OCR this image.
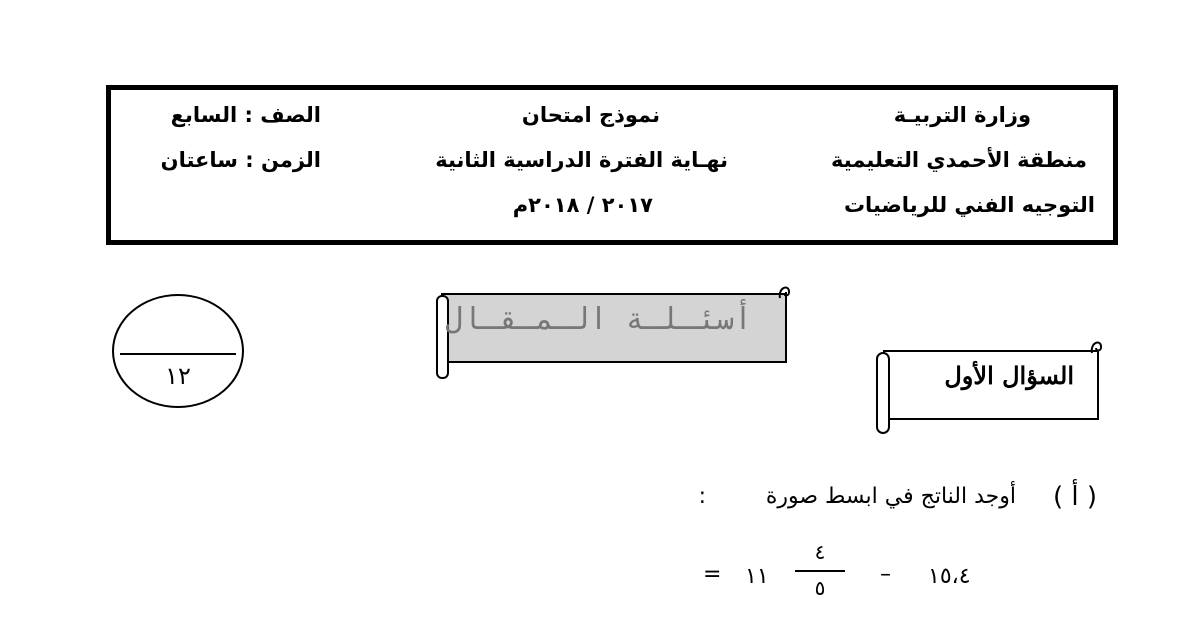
وزارة التربيـة
منطقة الأحمدي التعليمية
التوجيه الفني للرياضيات
نموذج امتحان
نهـاية الفترة الدراسية الثانية
٢٠١٧ / ٢٠١٨م
الصف : السابع
الزمن : ساعتان
١٢
أسئـلـة الـمـقـال
السؤال الأول
( أ )
أوجد الناتج في ابسط صورة
:
١٥،٤
–
٤
٥
١١
=
